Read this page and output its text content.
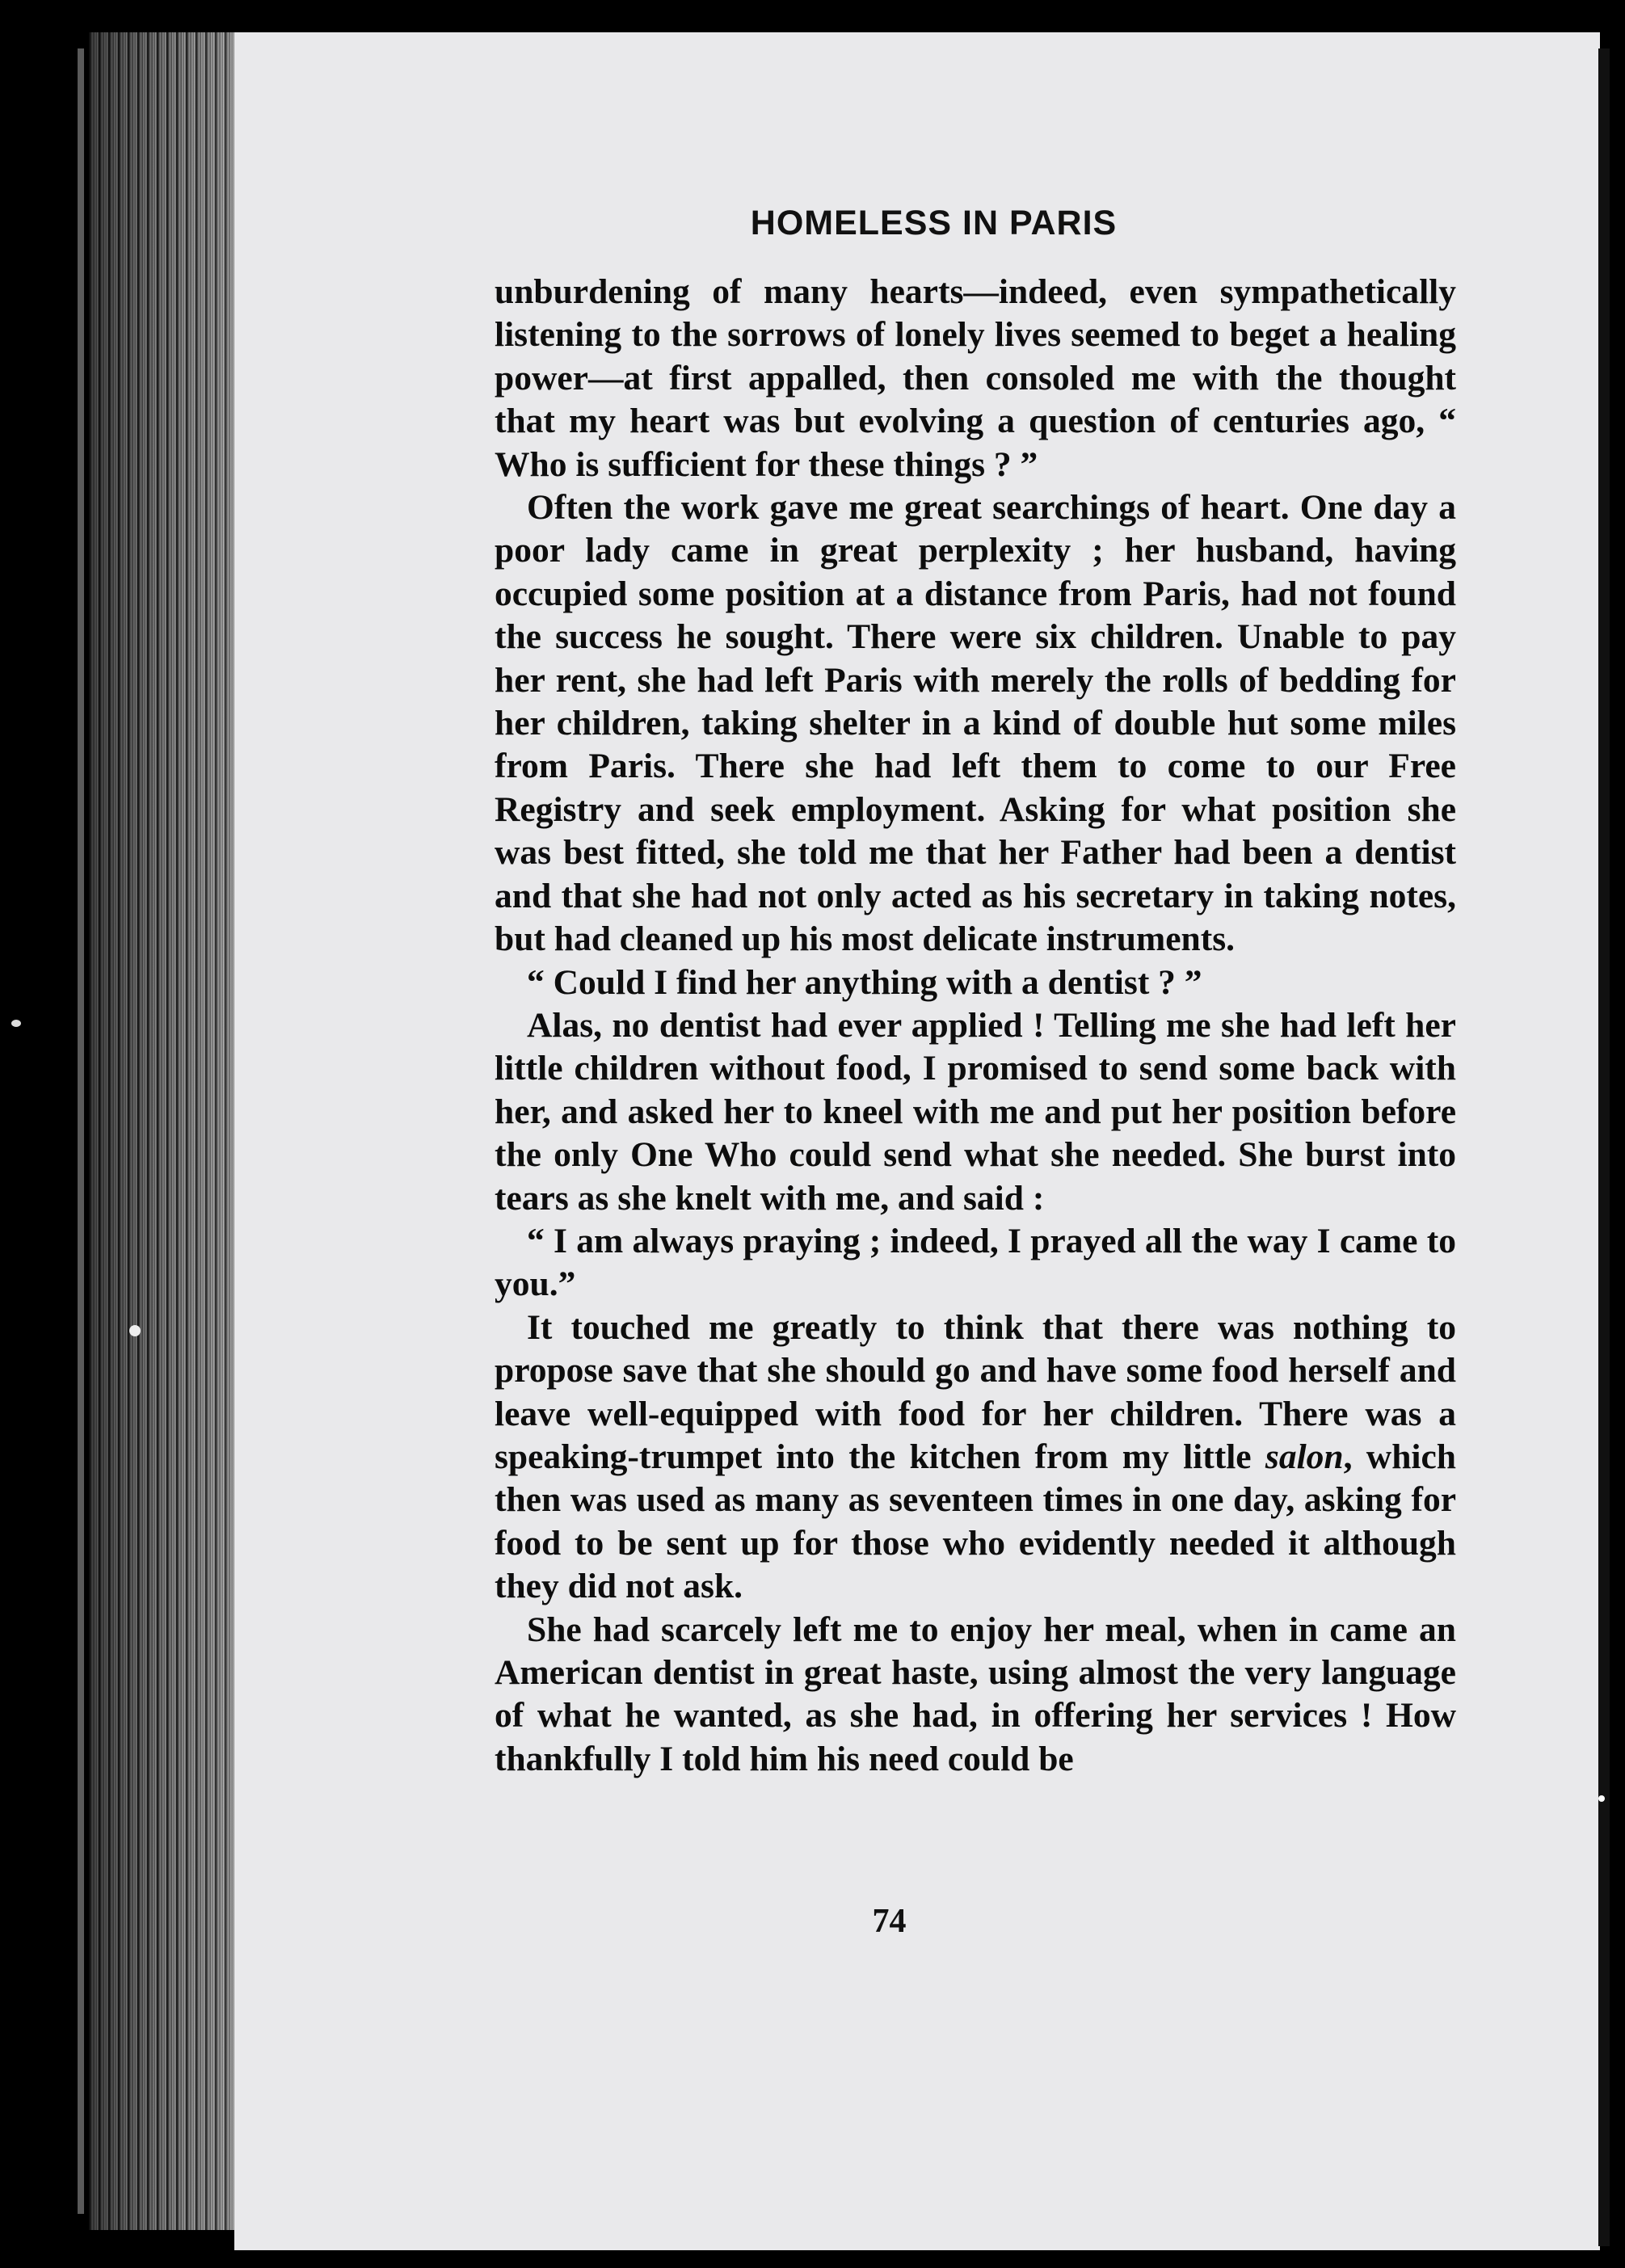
HOMELESS IN PARIS

unburdening of many hearts—indeed, even sympathetically listening to the sorrows of lonely lives seemed to beget a healing power—at first appalled, then consoled me with the thought that my heart was but evolving a question of centuries ago, “ Who is sufficient for these things ? ”

Often the work gave me great searchings of heart. One day a poor lady came in great perplexity ; her husband, having occupied some position at a distance from Paris, had not found the success he sought. There were six children. Unable to pay her rent, she had left Paris with merely the rolls of bedding for her children, taking shelter in a kind of double hut some miles from Paris. There she had left them to come to our Free Registry and seek employment. Asking for what position she was best fitted, she told me that her Father had been a dentist and that she had not only acted as his secretary in taking notes, but had cleaned up his most delicate instruments.

“ Could I find her anything with a dentist ? ”

Alas, no dentist had ever applied ! Telling me she had left her little children without food, I promised to send some back with her, and asked her to kneel with me and put her position before the only One Who could send what she needed. She burst into tears as she knelt with me, and said :

“ I am always praying ; indeed, I prayed all the way I came to you.”

It touched me greatly to think that there was nothing to propose save that she should go and have some food herself and leave well-equipped with food for her children. There was a speaking-trumpet into the kitchen from my little salon, which then was used as many as seventeen times in one day, asking for food to be sent up for those who evidently needed it although they did not ask.

She had scarcely left me to enjoy her meal, when in came an American dentist in great haste, using almost the very language of what he wanted, as she had, in offering her services ! How thankfully I told him his need could be

74
